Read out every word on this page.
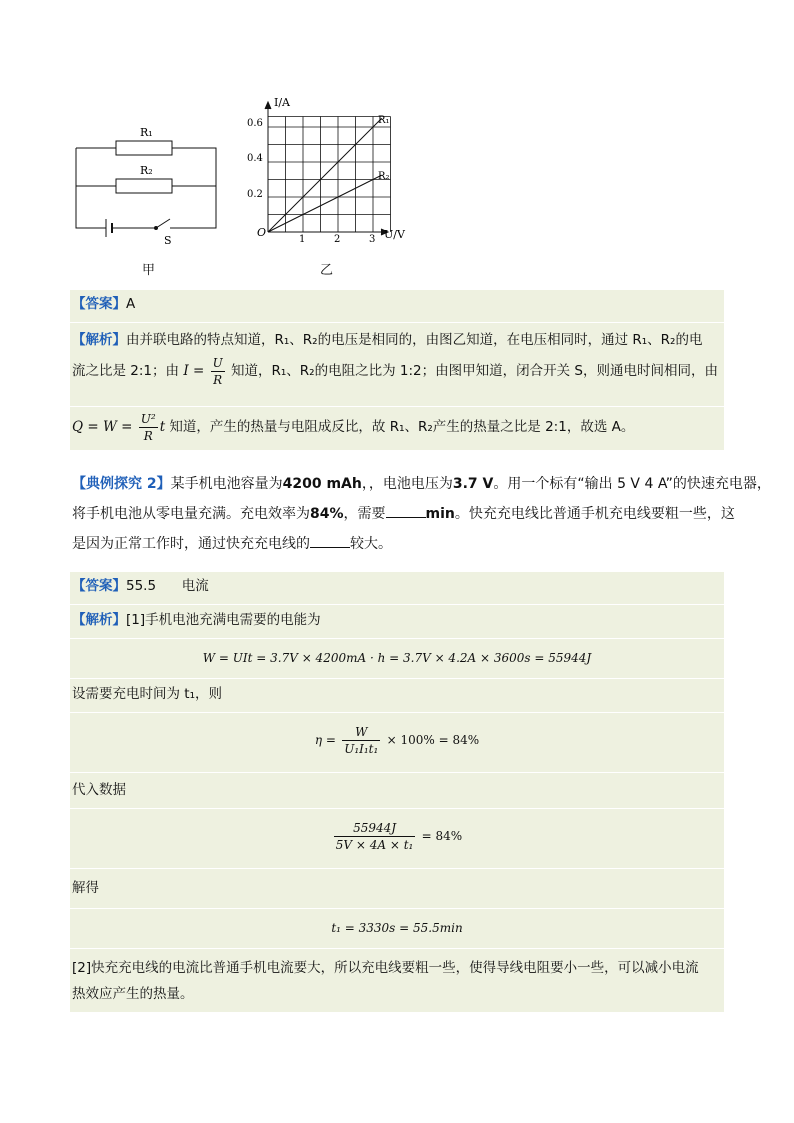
R₁
R₂
S
甲
I/A
U/V
O
0.6
0.4
0.2
1	2	3
R₁
R₂
乙
【答案】A
【解析】由并联电路的特点知道，R₁、R₂的电压是相同的，由图乙知道，在电压相同时，通过 R₁、R₂的电
流之比是 2:1；由 $I = \frac{U}{R}$ 知道，R₁、R₂的电阻之比为 1:2；由图甲知道，闭合开关 S，则通电时间相同，由
$Q = W = \frac{\text{U²}}{R}$ t 知道，产生的热量与电阻成反比，故 R₁、R₂产生的热量之比是 2:1，故选 A。
【典例探究 2】某手机电池容量为4200 mAh，，电池电压为3.7 V。用一个标有“输出 5 V 4 A”的快速充电器，
将手机电池从零电量充满。充电效率为84%，需要	min。快充充电线比普通手机充电线要粗一些，这
是因为正常工作时，通过快充充电线的	较大。
【答案】55.5      电流
【解析】[1]手机电池充满电需要的电能为
W = UIt = 3.7V × 4200mA · h = 3.7V × 4.2A × 3600s = 55944J
设需要充电时间为 t₁，则
$\eta = \frac{W}{\text{U₁I₁t₁}} \times 100\% = 84\%$
代入数据
$\frac{55944J}{\text{5V × 4A × t₁}} = 84\%$
解得
t₁ = 3330s = 55.5min
[2]快充充电线的电流比普通手机电流要大，所以充电线要粗一些，使得导线电阻要小一些，可以减小电流
热效应产生的热量。
